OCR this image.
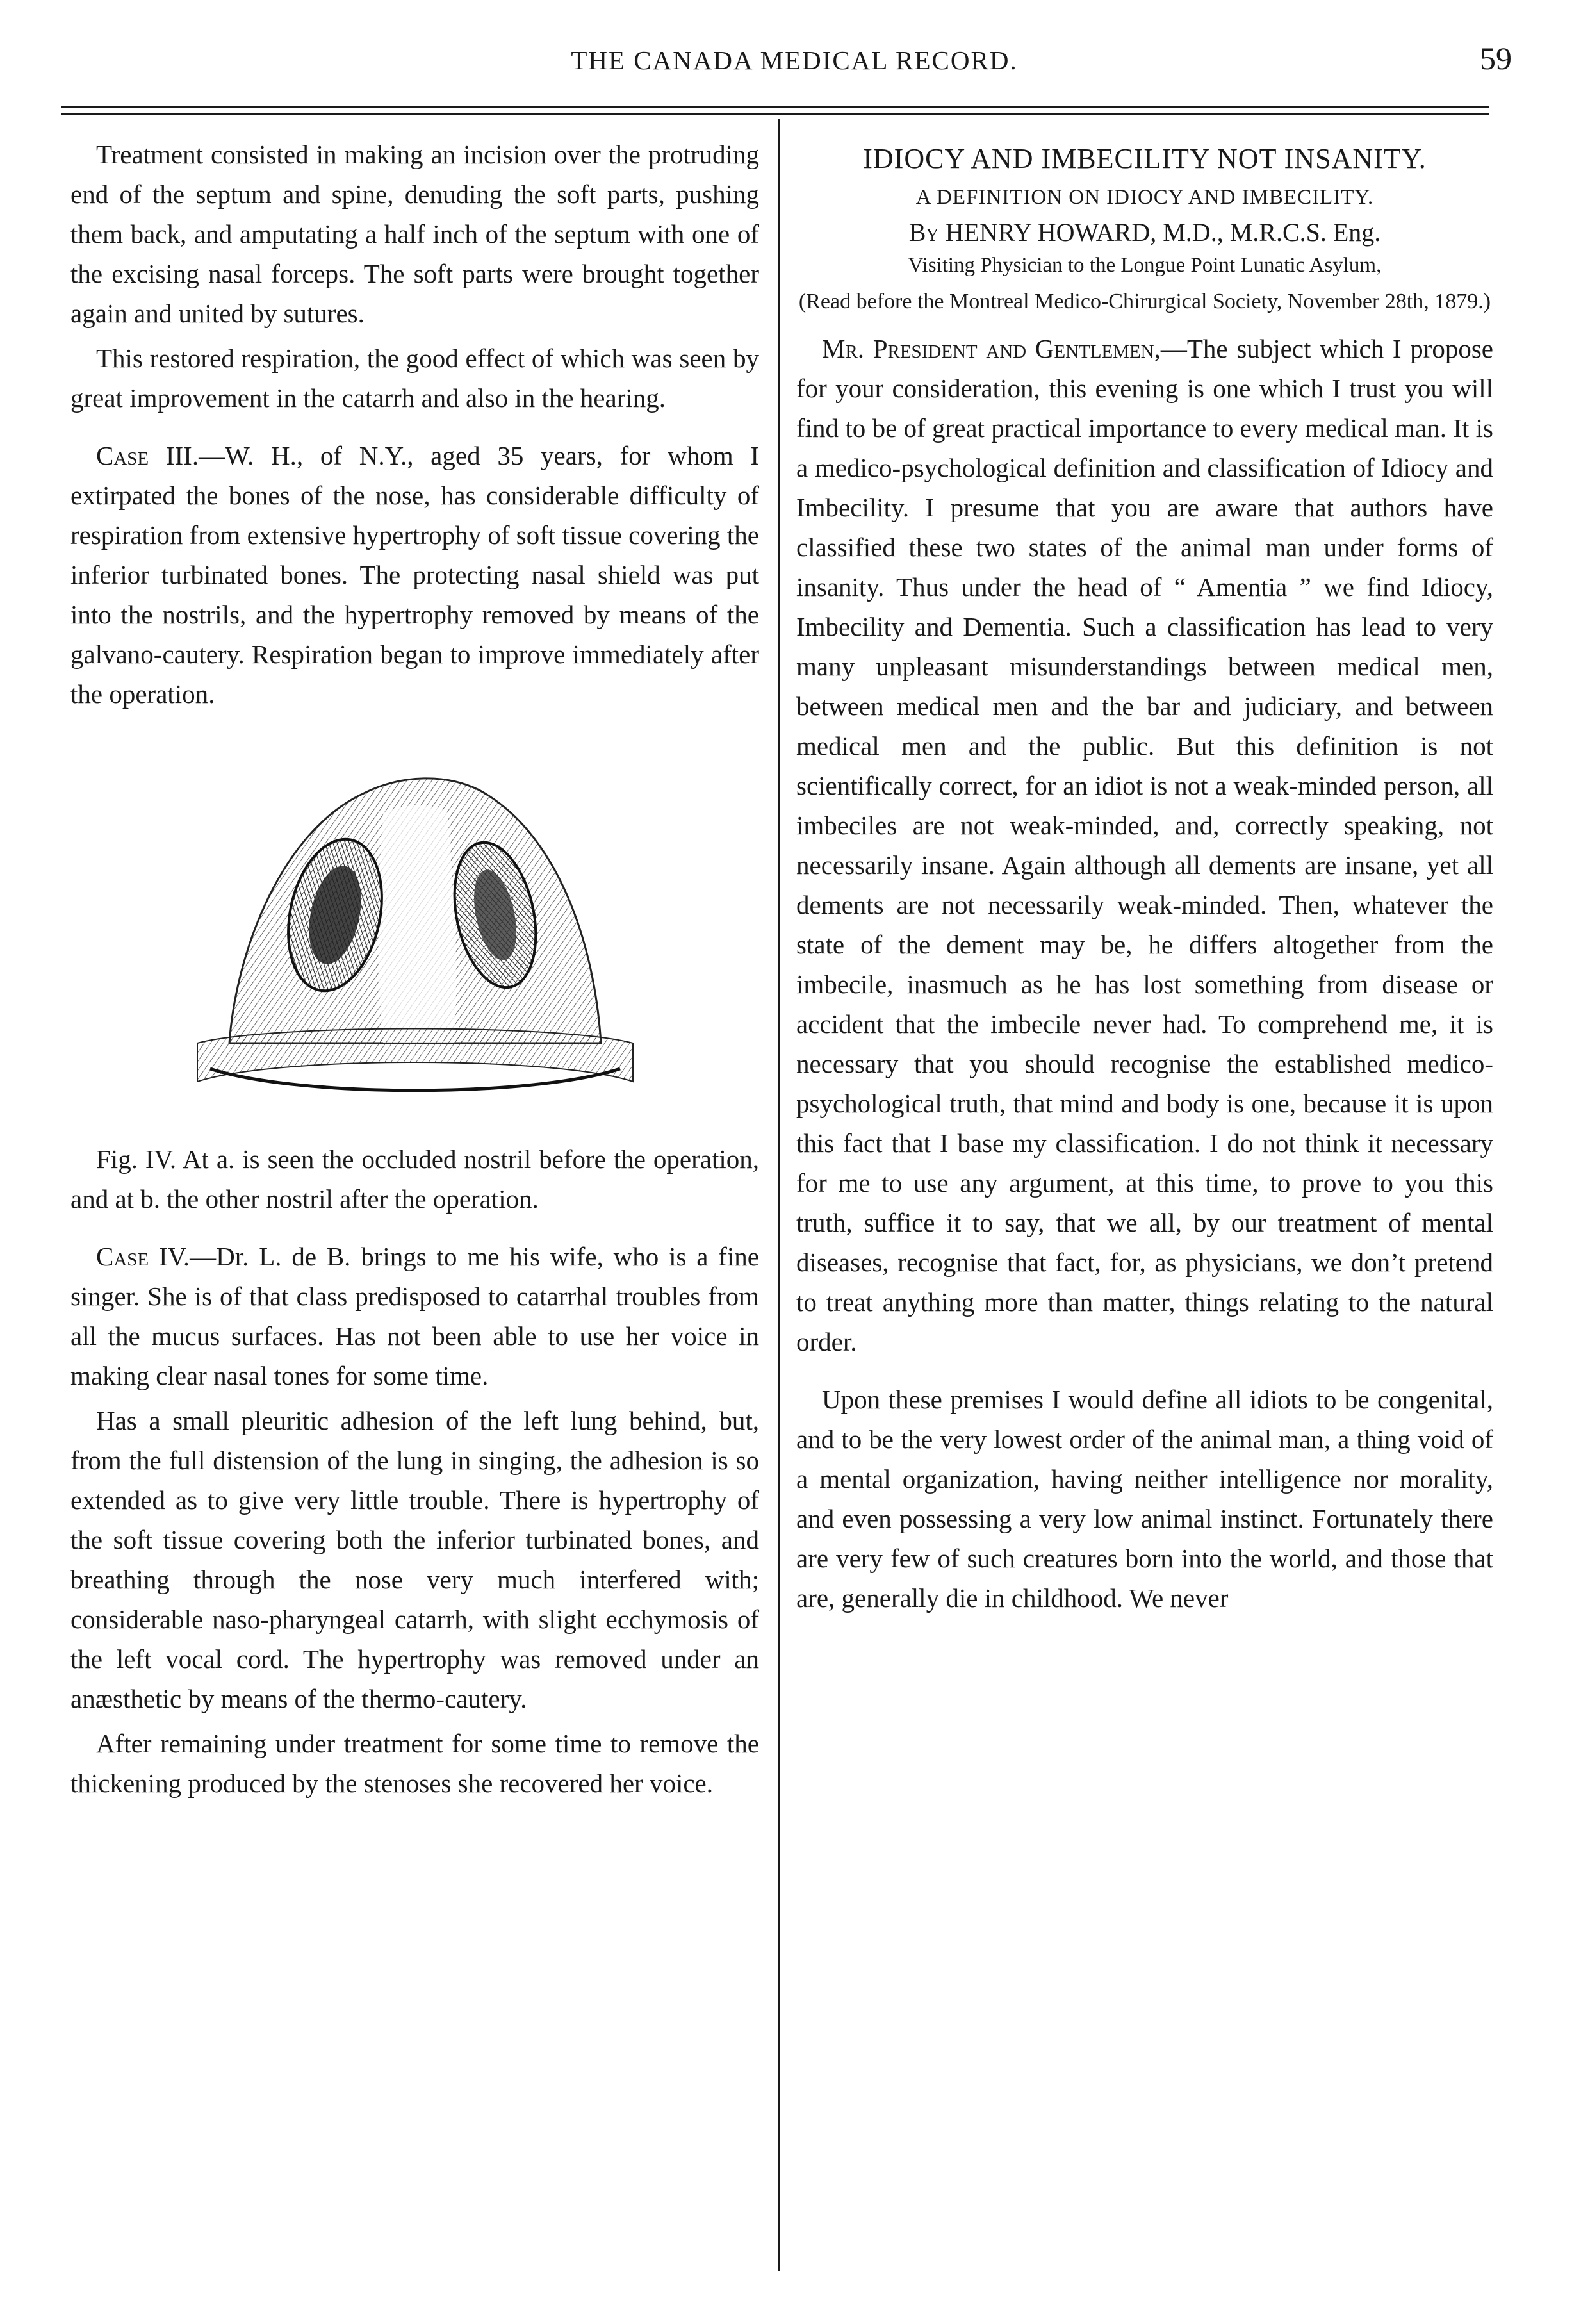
THE CANADA MEDICAL RECORD.	59

Treatment consisted in making an incision over the protruding end of the septum and spine, denuding the soft parts, pushing them back, and amputating a half inch of the septum with one of the excising nasal forceps. The soft parts were brought together again and united by sutures.

This restored respiration, the good effect of which was seen by great improvement in the catarrh and also in the hearing.

Case III.—W. H., of N.Y., aged 35 years, for whom I extirpated the bones of the nose, has considerable difficulty of respiration from extensive hypertrophy of soft tissue covering the inferior turbinated bones. The protecting nasal shield was put into the nostrils, and the hypertrophy removed by means of the galvano-cautery. Respiration began to improve immediately after the operation.

Fig. IV. At a. is seen the occluded nostril before the operation, and at b. the other nostril after the operation.

Case IV.—Dr. L. de B. brings to me his wife, who is a fine singer. She is of that class predisposed to catarrhal troubles from all the mucus surfaces. Has not been able to use her voice in making clear nasal tones for some time.

Has a small pleuritic adhesion of the left lung behind, but, from the full distension of the lung in singing, the adhesion is so extended as to give very little trouble. There is hypertrophy of the soft tissue covering both the inferior turbinated bones, and breathing through the nose very much interfered with; considerable naso-pharyngeal catarrh, with slight ecchymosis of the left vocal cord. The hypertrophy was removed under an anæsthetic by means of the thermo-cautery.

After remaining under treatment for some time to remove the thickening produced by the stenoses she recovered her voice.

IDIOCY AND IMBECILITY NOT INSANITY.
A DEFINITION ON IDIOCY AND IMBECILITY.
By HENRY HOWARD, M.D., M.R.C.S. Eng.
Visiting Physician to the Longue Point Lunatic Asylum,
(Read before the Montreal Medico-Chirurgical Society, November 28th, 1879.)

Mr. President and Gentlemen,—The subject which I propose for your consideration, this evening is one which I trust you will find to be of great practical importance to every medical man. It is a medico-psychological definition and classification of Idiocy and Imbecility. I presume that you are aware that authors have classified these two states of the animal man under forms of insanity. Thus under the head of “ Amentia ” we find Idiocy, Imbecility and Dementia. Such a classification has lead to very many unpleasant misunderstandings between medical men, between medical men and the bar and judiciary, and between medical men and the public. But this definition is not scientifically correct, for an idiot is not a weak-minded person, all imbeciles are not weak-minded, and, correctly speaking, not necessarily insane. Again although all dements are insane, yet all dements are not necessarily weak-minded. Then, whatever the state of the dement may be, he differs altogether from the imbecile, inasmuch as he has lost something from disease or accident that the imbecile never had. To comprehend me, it is necessary that you should recognise the established medico-psychological truth, that mind and body is one, because it is upon this fact that I base my classification. I do not think it necessary for me to use any argument, at this time, to prove to you this truth, suffice it to say, that we all, by our treatment of mental diseases, recognise that fact, for, as physicians, we don’t pretend to treat anything more than matter, things relating to the natural order.

Upon these premises I would define all idiots to be congenital, and to be the very lowest order of the animal man, a thing void of a mental organization, having neither intelligence nor morality, and even possessing a very low animal instinct. Fortunately there are very few of such creatures born into the world, and those that are, generally die in childhood. We never
